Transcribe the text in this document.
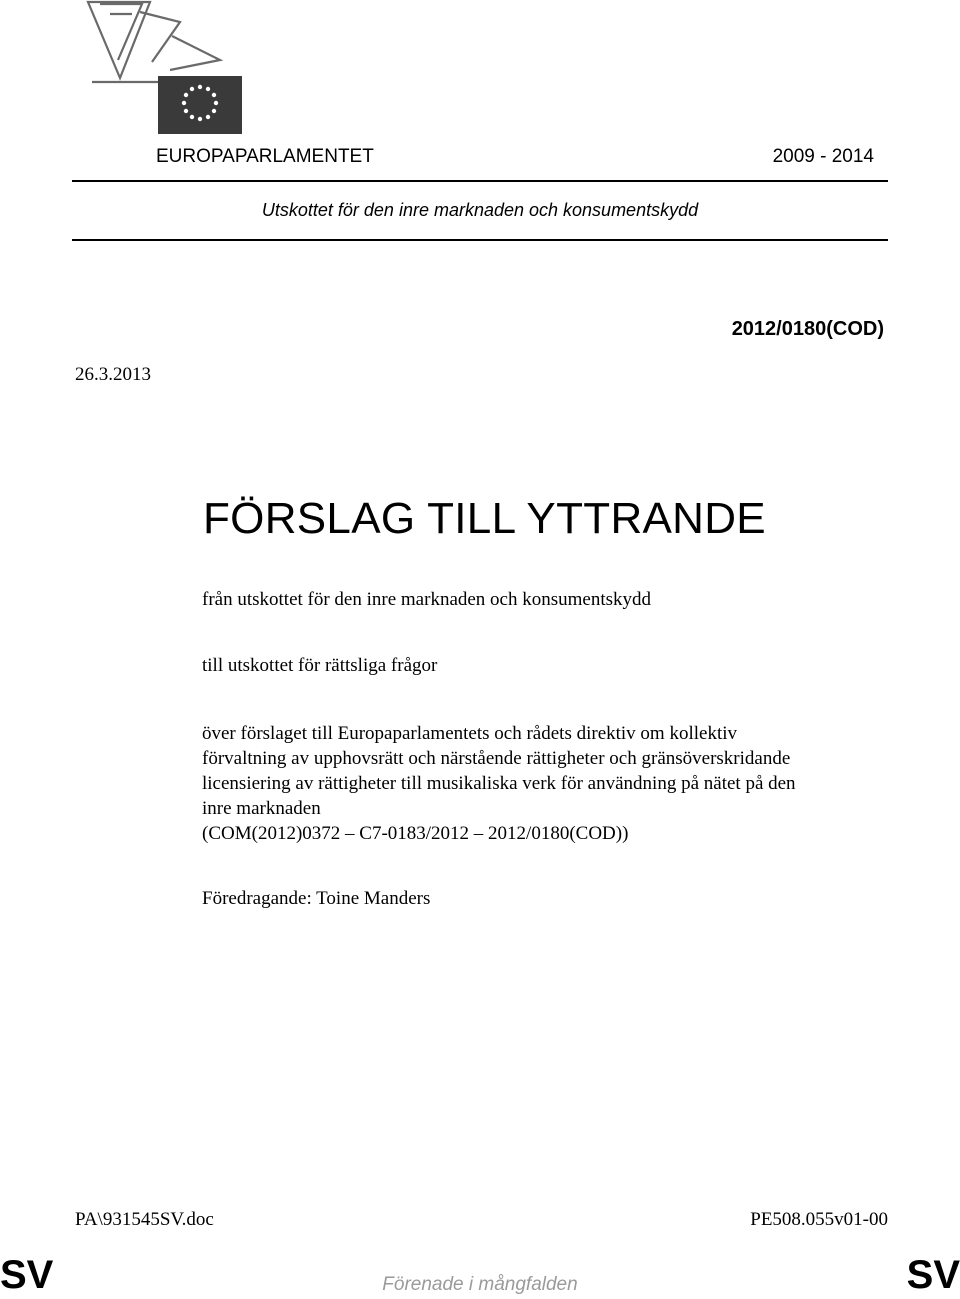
EUROPAPARLAMENTET	2009 - 2014
Utskottet för den inre marknaden och konsumentskydd
2012/0180(COD)
26.3.2013
FÖRSLAG TILL YTTRANDE
från utskottet för den inre marknaden och konsumentskydd
till utskottet för rättsliga frågor
över förslaget till Europaparlamentets och rådets direktiv om kollektiv
förvaltning av upphovsrätt och närstående rättigheter och gränsöverskridande
licensiering av rättigheter till musikaliska verk för användning på nätet på den
inre marknaden
(COM(2012)0372 – C7-0183/2012 – 2012/0180(COD))
Föredragande: Toine Manders
PA\931545SV.doc	PE508.055v01-00
SV	Förenade i mångfalden	SV
